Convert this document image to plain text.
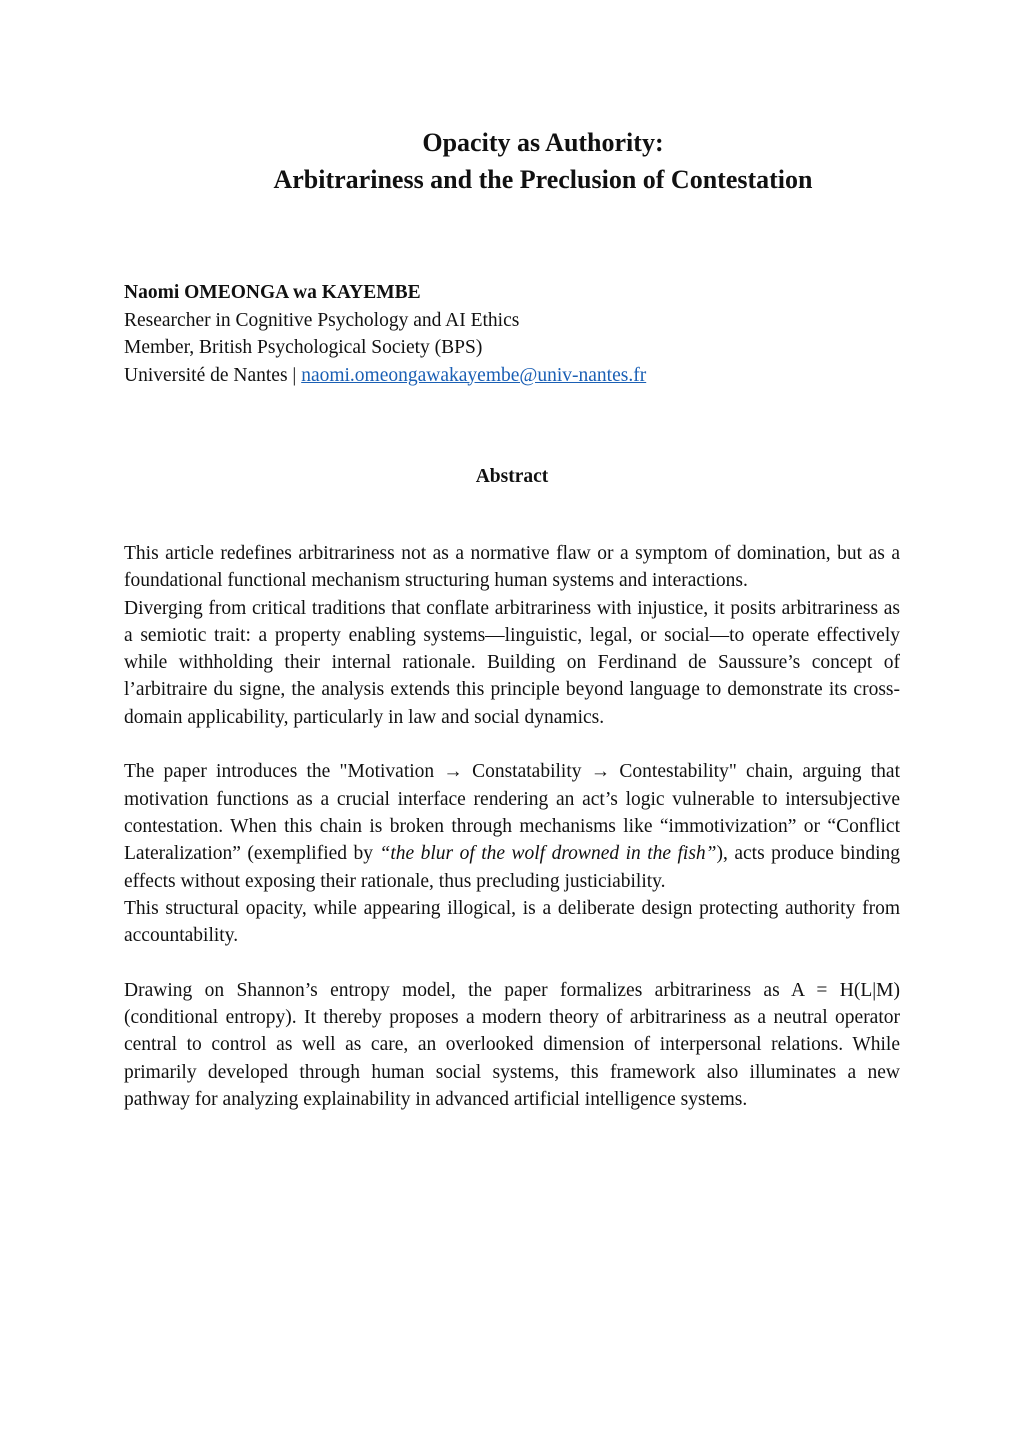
Opacity as Authority:
Arbitrariness and the Preclusion of Contestation
Naomi OMEONGA wa KAYEMBE
Researcher in Cognitive Psychology and AI Ethics
Member, British Psychological Society (BPS)
Université de Nantes | naomi.omeongawakayembe@univ-nantes.fr
Abstract

This article redefines arbitrariness not as a normative flaw or a symptom of domination, but as a foundational functional mechanism structuring human systems and interactions.

Diverging from critical traditions that conflate arbitrariness with injustice, it posits arbitrariness as a semiotic trait: a property enabling systems—linguistic, legal, or social—to operate effectively while withholding their internal rationale. Building on Ferdinand de Saussure’s concept of l’arbitraire du signe, the analysis extends this principle beyond language to demonstrate its cross-domain applicability, particularly in law and social dynamics.

The paper introduces the "Motivation → Constatability → Contestability" chain, arguing that motivation functions as a crucial interface rendering an act’s logic vulnerable to intersubjective contestation. When this chain is broken through mechanisms like “immotivization” or “Conflict Lateralization” (exemplified by “the blur of the wolf drowned in the fish”), acts produce binding effects without exposing their rationale, thus precluding justiciability.

This structural opacity, while appearing illogical, is a deliberate design protecting authority from accountability.

Drawing on Shannon’s entropy model, the paper formalizes arbitrariness as A = H(L|M) (conditional entropy). It thereby proposes a modern theory of arbitrariness as a neutral operator central to control as well as care, an overlooked dimension of interpersonal relations. While primarily developed through human social systems, this framework also illuminates a new pathway for analyzing explainability in advanced artificial intelligence systems.
